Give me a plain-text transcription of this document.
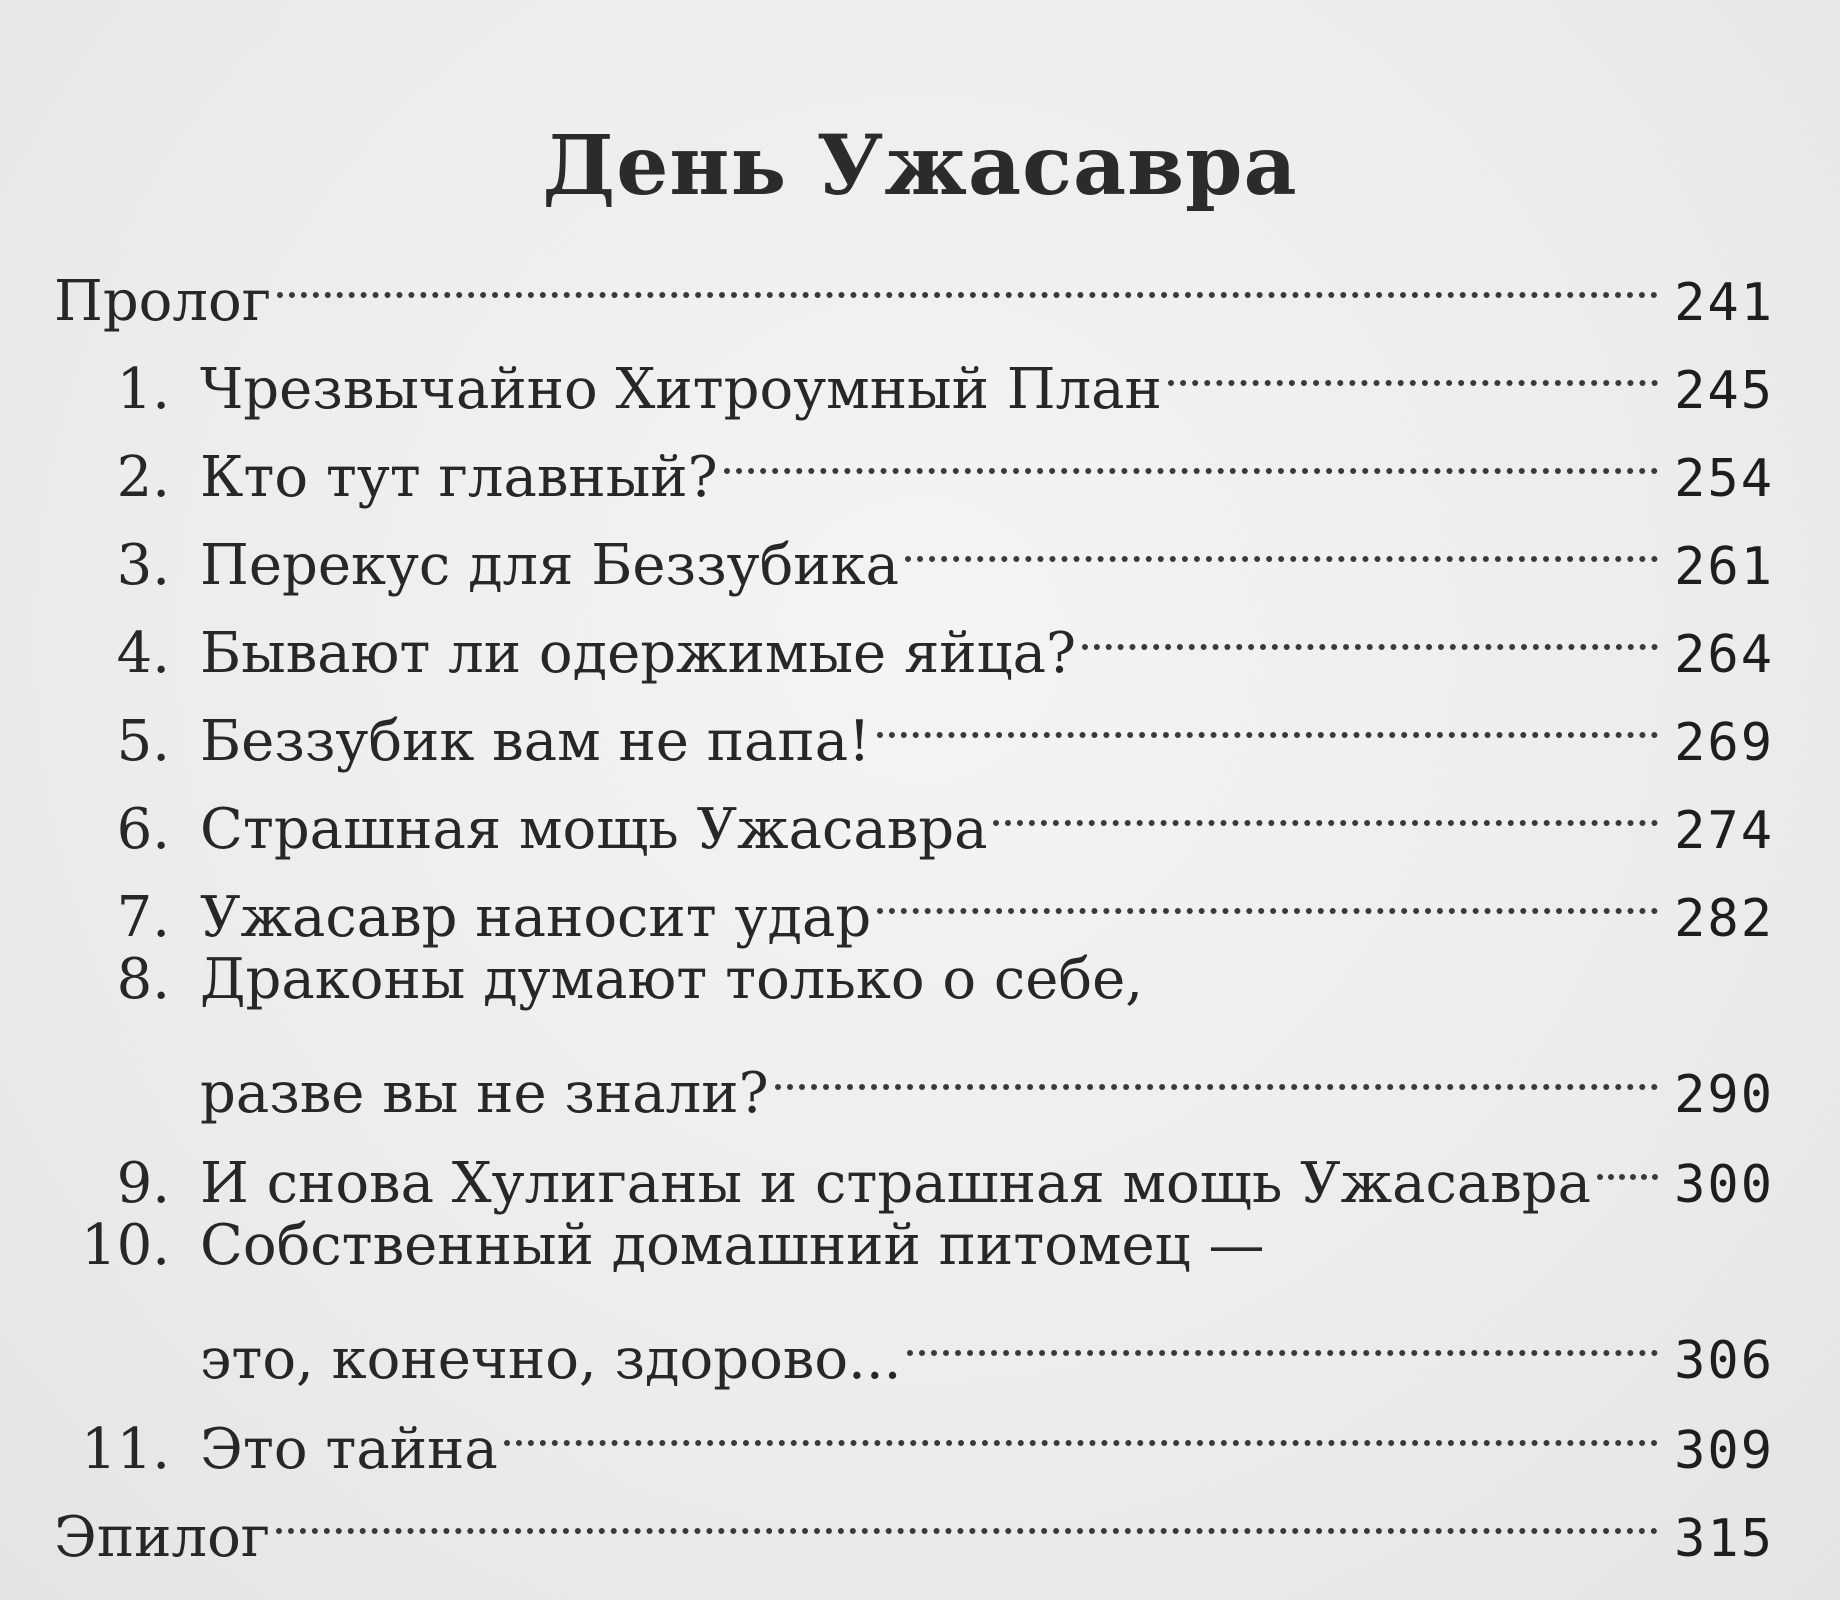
День Ужасавра
Пролог	241
1. Чрезвычайно Хитроумный План	245
2. Кто тут главный?	254
3. Перекус для Беззубика	261
4. Бывают ли одержимые яйца?	264
5. Беззубик вам не папа!	269
6. Страшная мощь Ужасавра	274
7. Ужасавр наносит удар	282
8. Драконы думают только о себе,
разве вы не знали?	290
9. И снова Хулиганы и страшная мощь Ужасавра 300
10. Собственный домашний питомец —
это, конечно, здорово...	306
11. Это тайна	309
Эпилог	315
